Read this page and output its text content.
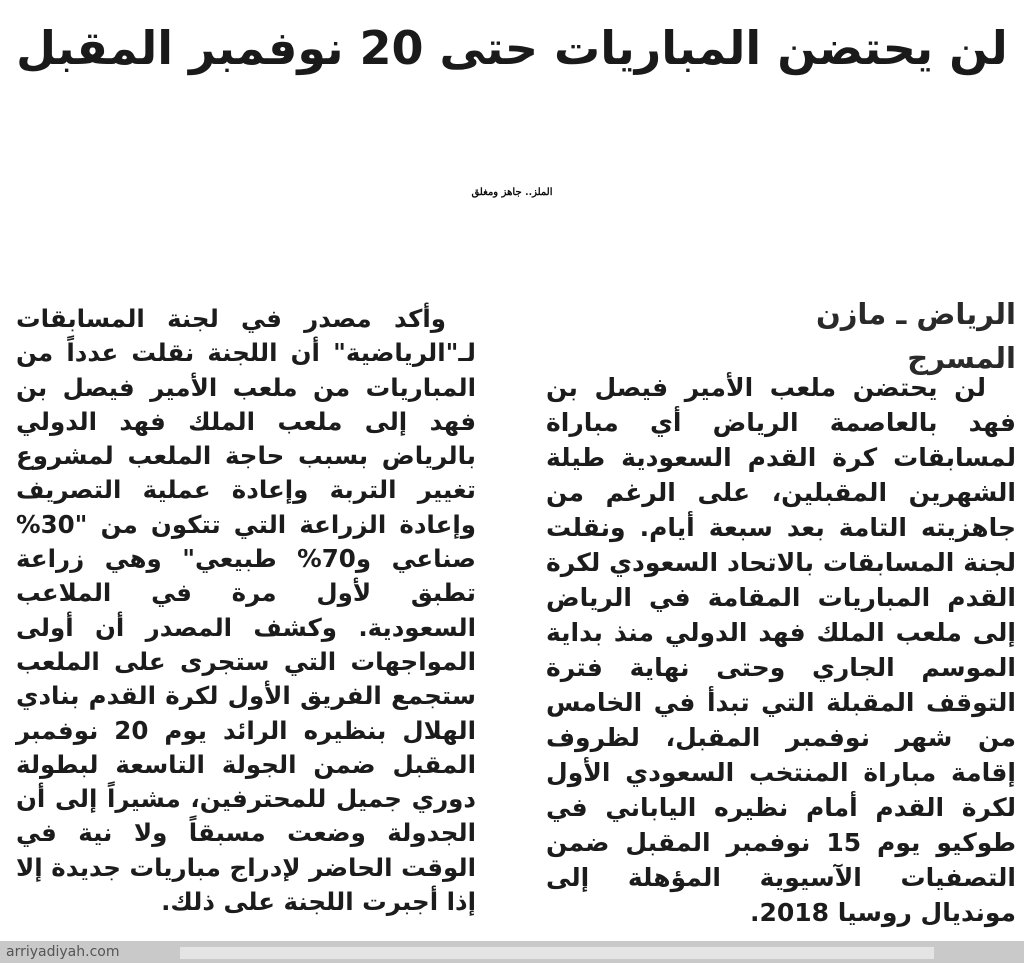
لن يحتضن المباريات حتى 20 نوفمبر المقبل
الملز.. جاهز ومغلق
الرياض ـ مازن المسرج
لن يحتضن ملعب الأمير فيصل بن فهد بالعاصمة الرياض أي مباراة لمسابقات كرة القدم السعودية طيلة الشهرين المقبلين، على الرغم من جاهزيته التامة بعد سبعة أيام. ونقلت لجنة المسابقات بالاتحاد السعودي لكرة القدم المباريات المقامة في الرياض إلى ملعب الملك فهد الدولي منذ بداية الموسم الجاري وحتى نهاية فترة التوقف المقبلة التي تبدأ في الخامس من شهر نوفمبر المقبل، لظروف إقامة مباراة المنتخب السعودي الأول لكرة القدم أمام نظيره الياباني في طوكيو يوم 15 نوفمبر المقبل ضمن التصفيات الآسيوية المؤهلة إلى مونديال روسيا 2018.
وأكد مصدر في لجنة المسابقات لـ"الرياضية" أن اللجنة نقلت عدداً من المباريات من ملعب الأمير فيصل بن فهد إلى ملعب الملك فهد الدولي بالرياض بسبب حاجة الملعب لمشروع تغيير التربة وإعادة عملية التصريف وإعادة الزراعة التي تتكون من "30% صناعي و70% طبيعي" وهي زراعة تطبق لأول مرة في الملاعب السعودية. وكشف المصدر أن أولى المواجهات التي ستجرى على الملعب ستجمع الفريق الأول لكرة القدم بنادي الهلال بنظيره الرائد يوم 20 نوفمبر المقبل ضمن الجولة التاسعة لبطولة دوري جميل للمحترفين، مشيراً إلى أن الجدولة وضعت مسبقاً ولا نية في الوقت الحاضر لإدراج مباريات جديدة إلا إذا أجبرت اللجنة على ذلك.
arriyadiyah.com
